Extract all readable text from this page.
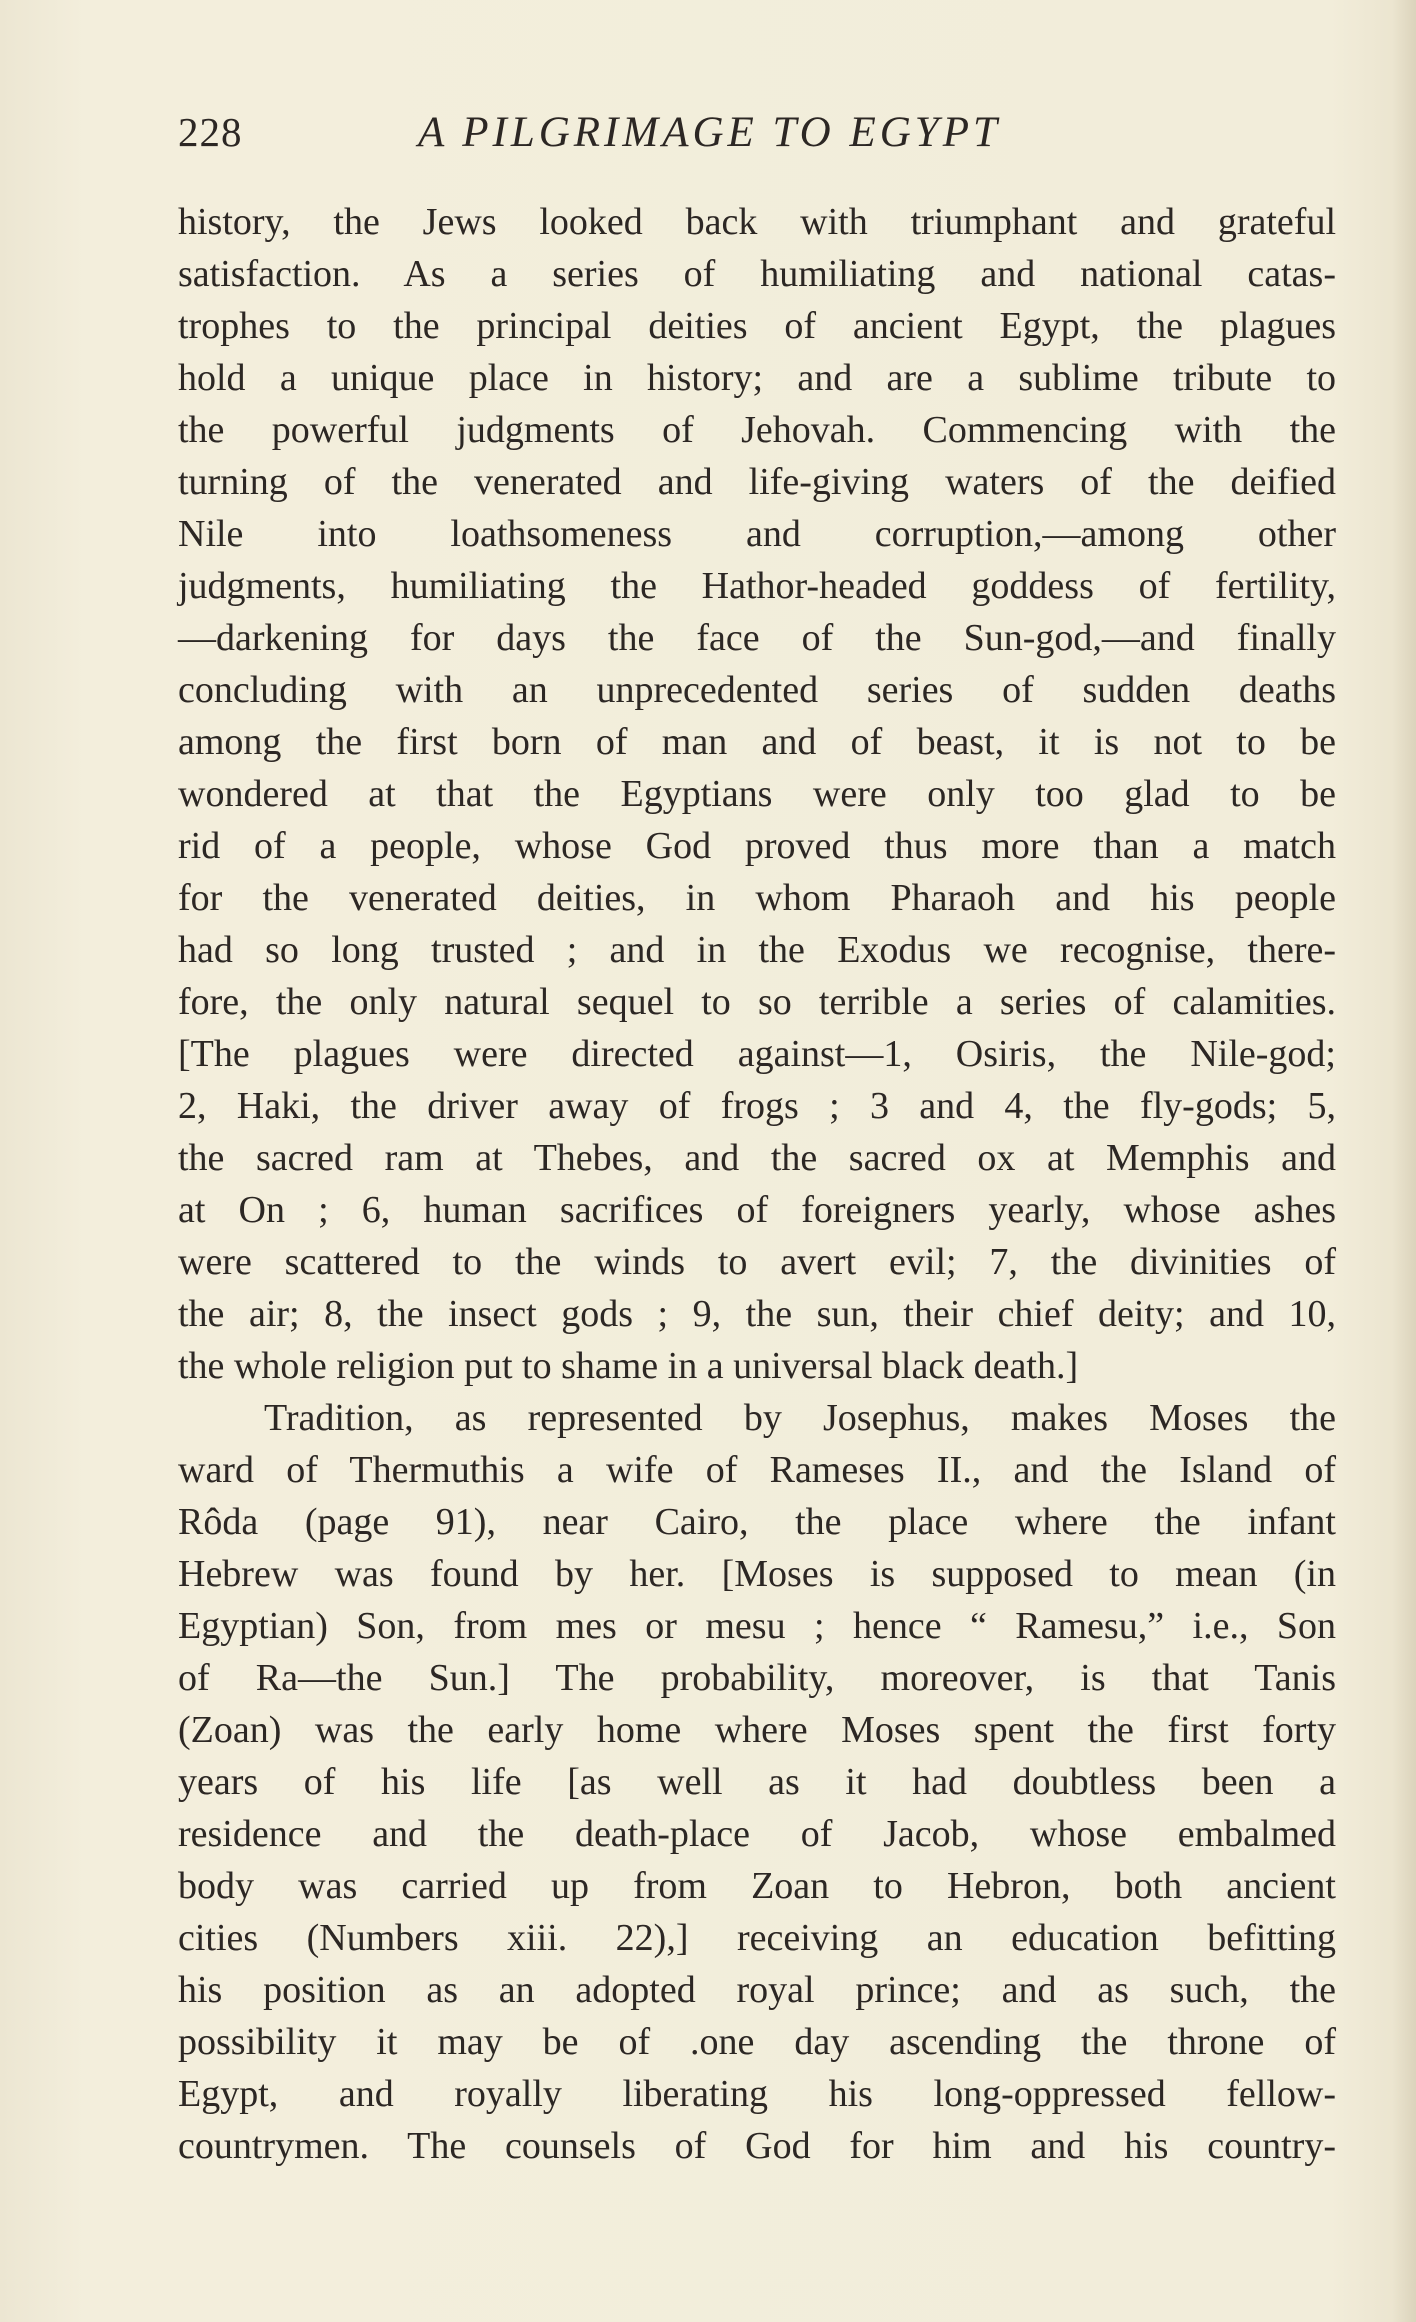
228	A PILGRIMAGE TO EGYPT
history, the Jews looked back with triumphant and grateful
satisfaction. As a series of humiliating and national catas-
trophes to the principal deities of ancient Egypt, the plagues
hold a unique place in history; and are a sublime tribute to
the powerful judgments of Jehovah. Commencing with the
turning of the venerated and life-giving waters of the deified
Nile into loathsomeness and corruption,—among other
judgments, humiliating the Hathor-headed goddess of fertility,
—darkening for days the face of the Sun-god,—and finally
concluding with an unprecedented series of sudden deaths
among the first born of man and of beast, it is not to be
wondered at that the Egyptians were only too glad to be
rid of a people, whose God proved thus more than a match
for the venerated deities, in whom Pharaoh and his people
had so long trusted ; and in the Exodus we recognise, there-
fore, the only natural sequel to so terrible a series of calamities.
[The plagues were directed against—1, Osiris, the Nile-god;
2, Haki, the driver away of frogs ; 3 and 4, the fly-gods; 5,
the sacred ram at Thebes, and the sacred ox at Memphis and
at On ; 6, human sacrifices of foreigners yearly, whose ashes
were scattered to the winds to avert evil; 7, the divinities of
the air; 8, the insect gods ; 9, the sun, their chief deity; and 10,
the whole religion put to shame in a universal black death.]
Tradition, as represented by Josephus, makes Moses the
ward of Thermuthis a wife of Rameses II., and the Island of
Rôda (page 91), near Cairo, the place where the infant
Hebrew was found by her. [Moses is supposed to mean (in
Egyptian) Son, from mes or mesu ; hence “ Ramesu,” i.e., Son
of Ra—the Sun.] The probability, moreover, is that Tanis
(Zoan) was the early home where Moses spent the first forty
years of his life [as well as it had doubtless been a
residence and the death-place of Jacob, whose embalmed
body was carried up from Zoan to Hebron, both ancient
cities (Numbers xiii. 22),] receiving an education befitting
his position as an adopted royal prince; and as such, the
possibility it may be of .one day ascending the throne of
Egypt, and royally liberating his long-oppressed fellow-
countrymen. The counsels of God for him and his country-
